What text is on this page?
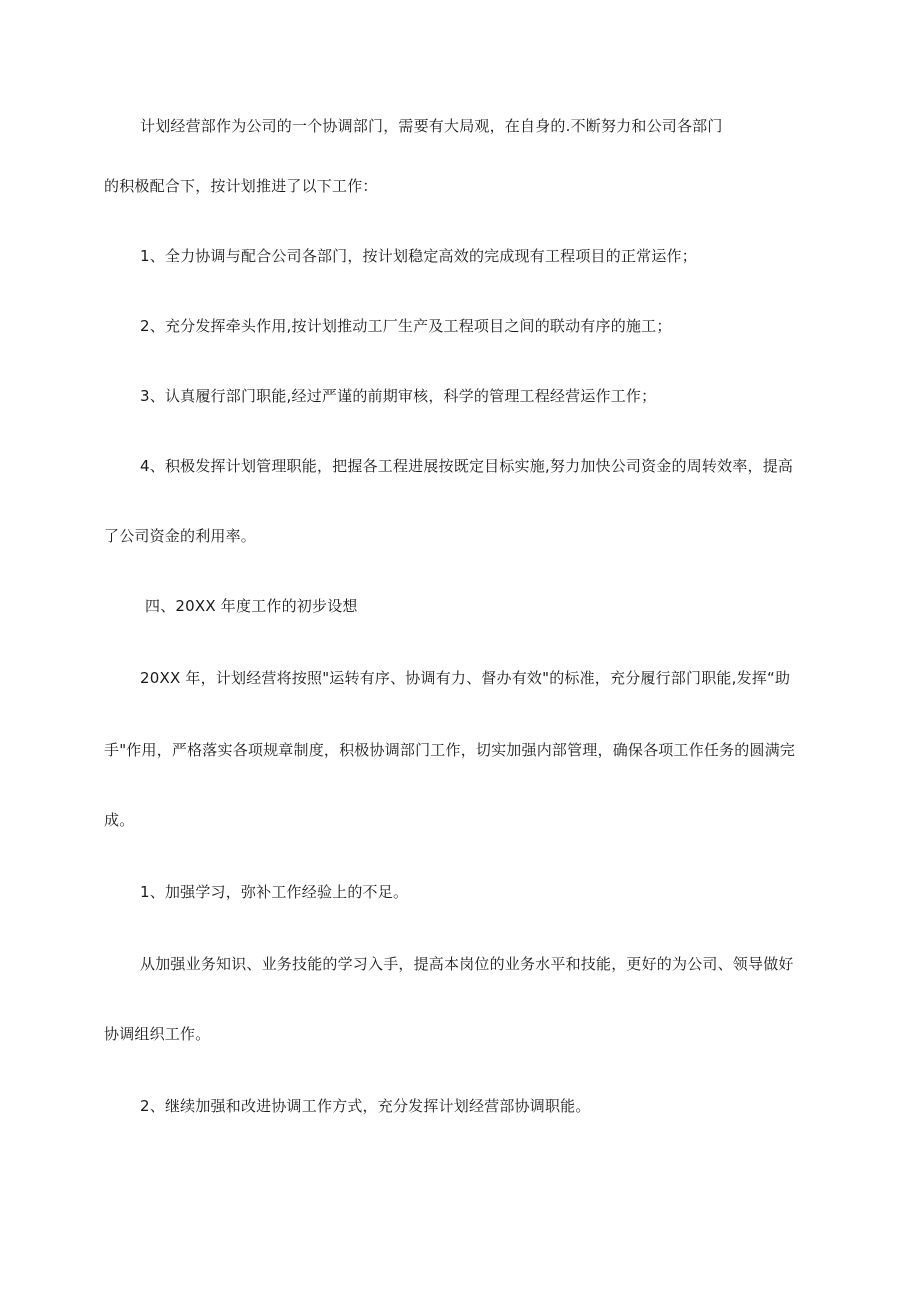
计划经营部作为公司的一个协调部门，需要有大局观，在自身的.不断努力和公司各部门
的积极配合下，按计划推进了以下工作：
1、全力协调与配合公司各部门，按计划稳定高效的完成现有工程项目的正常运作；
2、充分发挥牵头作用,按计划推动工厂生产及工程项目之间的联动有序的施工；
3、认真履行部门职能,经过严谨的前期审核，科学的管理工程经营运作工作；
4、积极发挥计划管理职能，把握各工程进展按既定目标实施,努力加快公司资金的周转效率，提高
了公司资金的利用率。
四、20XX 年度工作的初步设想
20XX 年，计划经营将按照"运转有序、协调有力、督办有效"的标准，充分履行部门职能,发挥“助
手"作用，严格落实各项规章制度，积极协调部门工作，切实加强内部管理，确保各项工作任务的圆满完
成。
1、加强学习，弥补工作经验上的不足。
从加强业务知识、业务技能的学习入手，提高本岗位的业务水平和技能，更好的为公司、领导做好
协调组织工作。
2、继续加强和改进协调工作方式，充分发挥计划经营部协调职能。
